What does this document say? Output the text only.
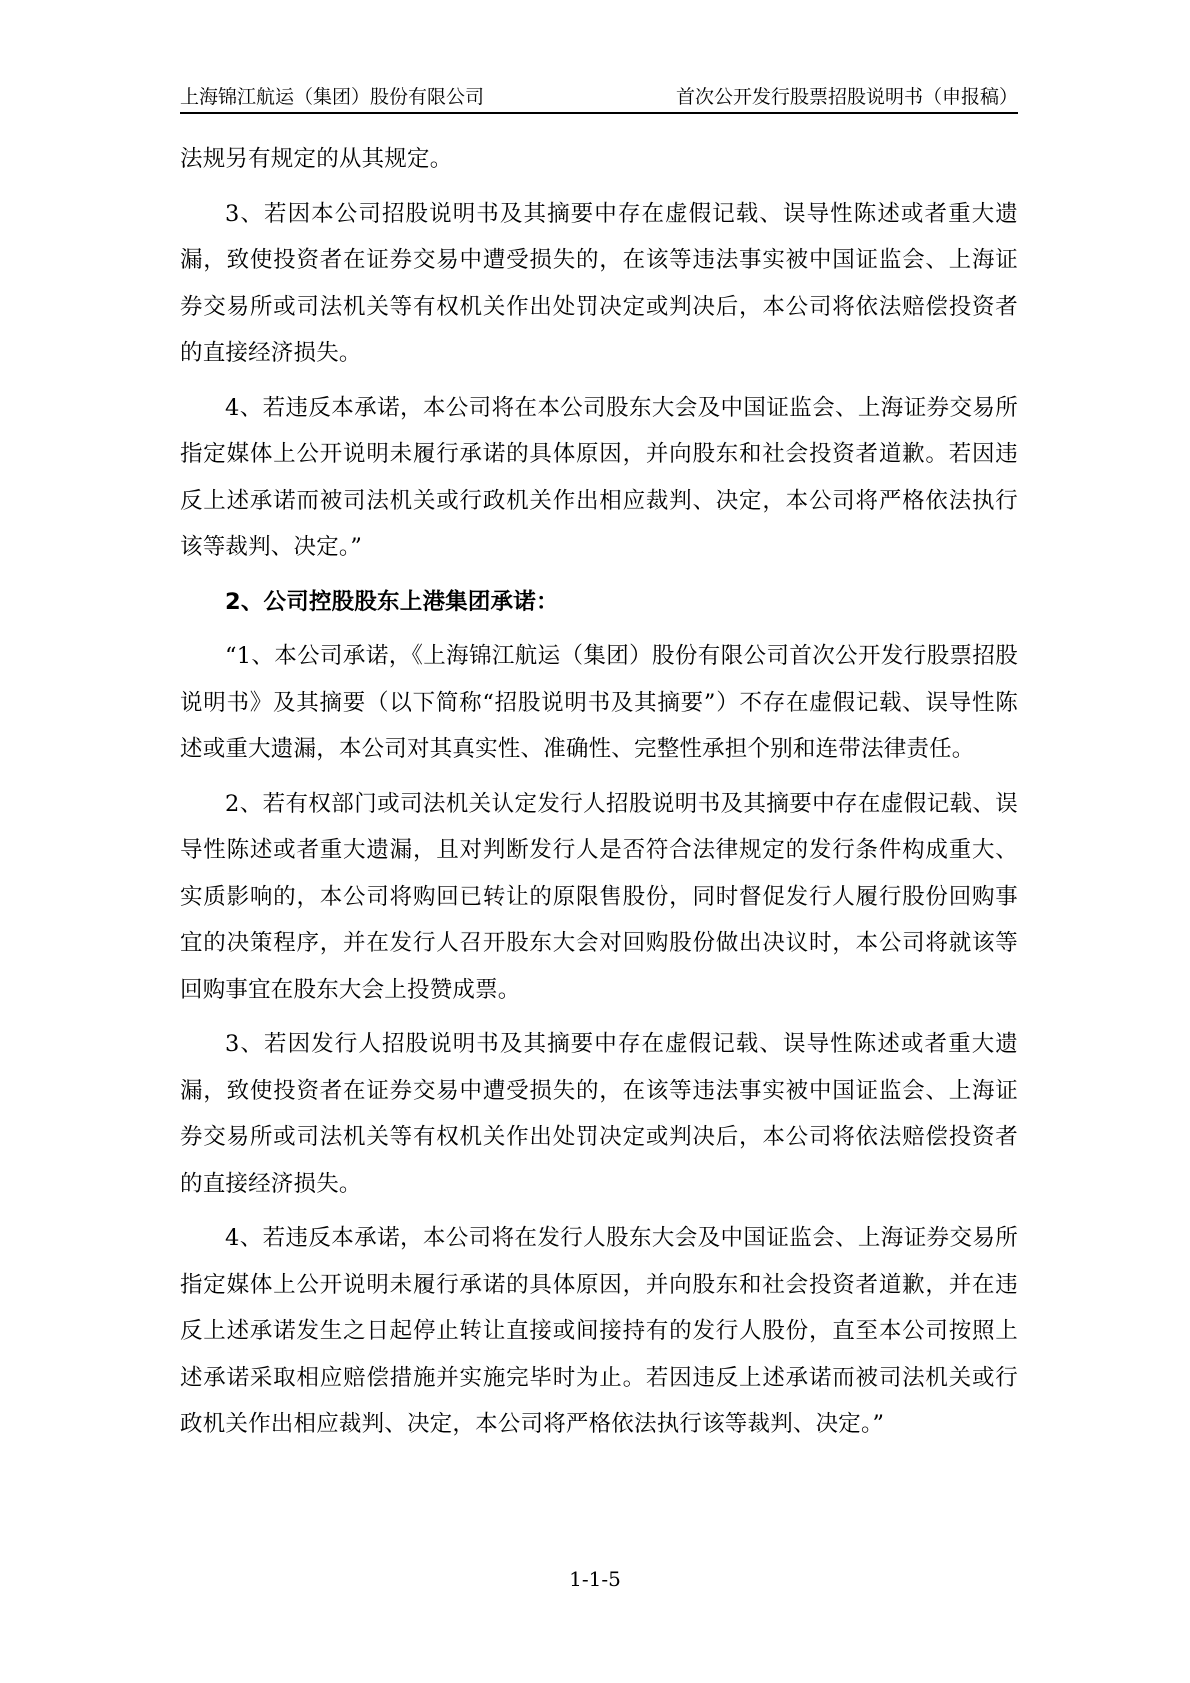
上海锦江航运（集团）股份有限公司	首次公开发行股票招股说明书（申报稿）

法规另有规定的从其规定。

3、若因本公司招股说明书及其摘要中存在虚假记载、误导性陈述或者重大遗漏，致使投资者在证券交易中遭受损失的，在该等违法事实被中国证监会、上海证券交易所或司法机关等有权机关作出处罚决定或判决后，本公司将依法赔偿投资者的直接经济损失。

4、若违反本承诺，本公司将在本公司股东大会及中国证监会、上海证券交易所指定媒体上公开说明未履行承诺的具体原因，并向股东和社会投资者道歉。若因违反上述承诺而被司法机关或行政机关作出相应裁判、决定，本公司将严格依法执行该等裁判、决定。”

2、公司控股股东上港集团承诺：

“1、本公司承诺，《上海锦江航运（集团）股份有限公司首次公开发行股票招股说明书》及其摘要（以下简称“招股说明书及其摘要”）不存在虚假记载、误导性陈述或重大遗漏，本公司对其真实性、准确性、完整性承担个别和连带法律责任。

2、若有权部门或司法机关认定发行人招股说明书及其摘要中存在虚假记载、误导性陈述或者重大遗漏，且对判断发行人是否符合法律规定的发行条件构成重大、实质影响的，本公司将购回已转让的原限售股份，同时督促发行人履行股份回购事宜的决策程序，并在发行人召开股东大会对回购股份做出决议时，本公司将就该等回购事宜在股东大会上投赞成票。

3、若因发行人招股说明书及其摘要中存在虚假记载、误导性陈述或者重大遗漏，致使投资者在证券交易中遭受损失的，在该等违法事实被中国证监会、上海证券交易所或司法机关等有权机关作出处罚决定或判决后，本公司将依法赔偿投资者的直接经济损失。

4、若违反本承诺，本公司将在发行人股东大会及中国证监会、上海证券交易所指定媒体上公开说明未履行承诺的具体原因，并向股东和社会投资者道歉，并在违反上述承诺发生之日起停止转让直接或间接持有的发行人股份，直至本公司按照上述承诺采取相应赔偿措施并实施完毕时为止。若因违反上述承诺而被司法机关或行政机关作出相应裁判、决定，本公司将严格依法执行该等裁判、决定。”

1-1-5
